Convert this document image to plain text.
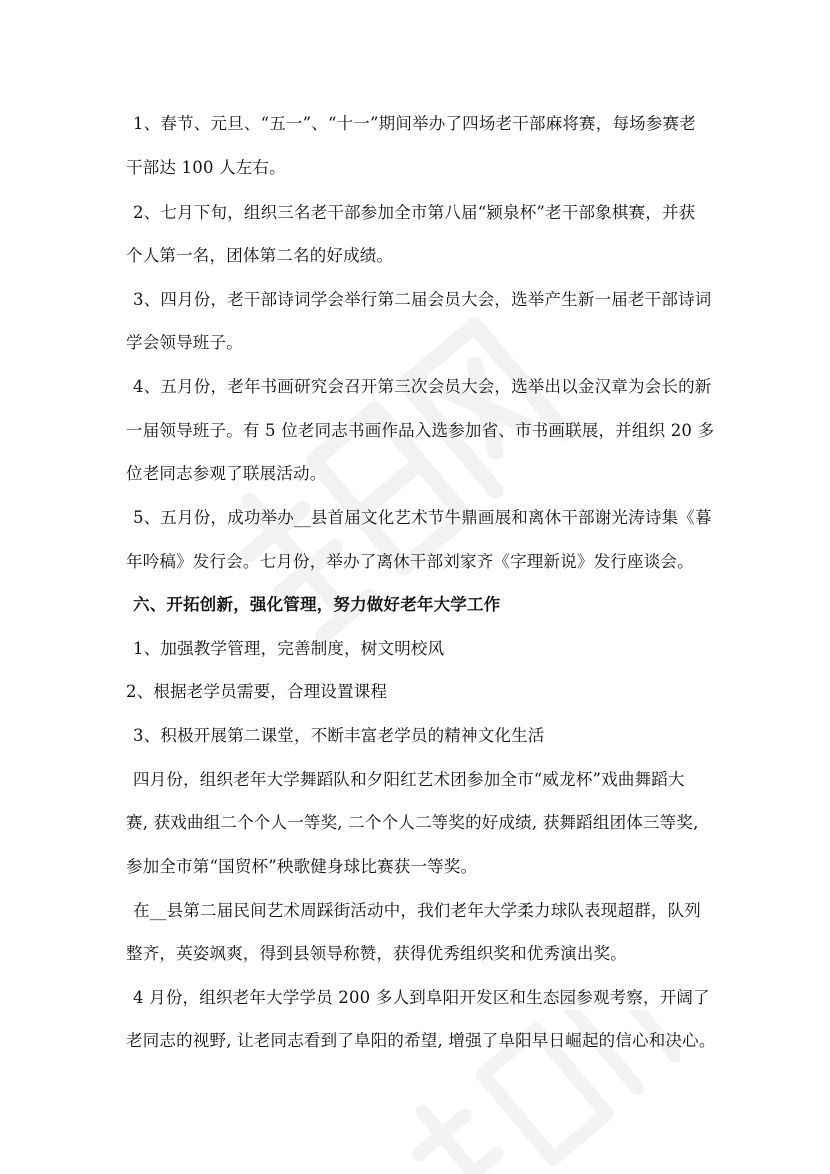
1、春节、元旦、“五一”、“十一”期间举办了四场老干部麻将赛，每场参赛老
干部达 100 人左右。
2、七月下旬，组织三名老干部参加全市第八届“颍泉杯”老干部象棋赛，并获
个人第一名，团体第二名的好成绩。
3、四月份，老干部诗词学会举行第二届会员大会，选举产生新一届老干部诗词
学会领导班子。
4、五月份，老年书画研究会召开第三次会员大会，选举出以金汉章为会长的新
一届领导班子。有 5 位老同志书画作品入选参加省、市书画联展，并组织 20 多
位老同志参观了联展活动。
5、五月份，成功举办__县首届文化艺术节牛鼎画展和离休干部谢光涛诗集《暮
年吟稿》发行会。七月份，举办了离休干部刘家齐《字理新说》发行座谈会。
六、开拓创新，强化管理，努力做好老年大学工作
1、加强教学管理，完善制度，树文明校风
2、根据老学员需要，合理设置课程
3、积极开展第二课堂，不断丰富老学员的精神文化生活
四月份，组织老年大学舞蹈队和夕阳红艺术团参加全市“威龙杯”戏曲舞蹈大
赛, 获戏曲组二个个人一等奖, 二个个人二等奖的好成绩, 获舞蹈组团体三等奖,
参加全市第“国贸杯”秧歌健身球比赛获一等奖。
在__县第二届民间艺术周踩街活动中，我们老年大学柔力球队表现超群，队列
整齐，英姿飒爽，得到县领导称赞，获得优秀组织奖和优秀演出奖。
4 月份，组织老年大学学员 200 多人到阜阳开发区和生态园参观考察，开阔了
老同志的视野, 让老同志看到了阜阳的希望, 增强了阜阳早日崛起的信心和决心。
